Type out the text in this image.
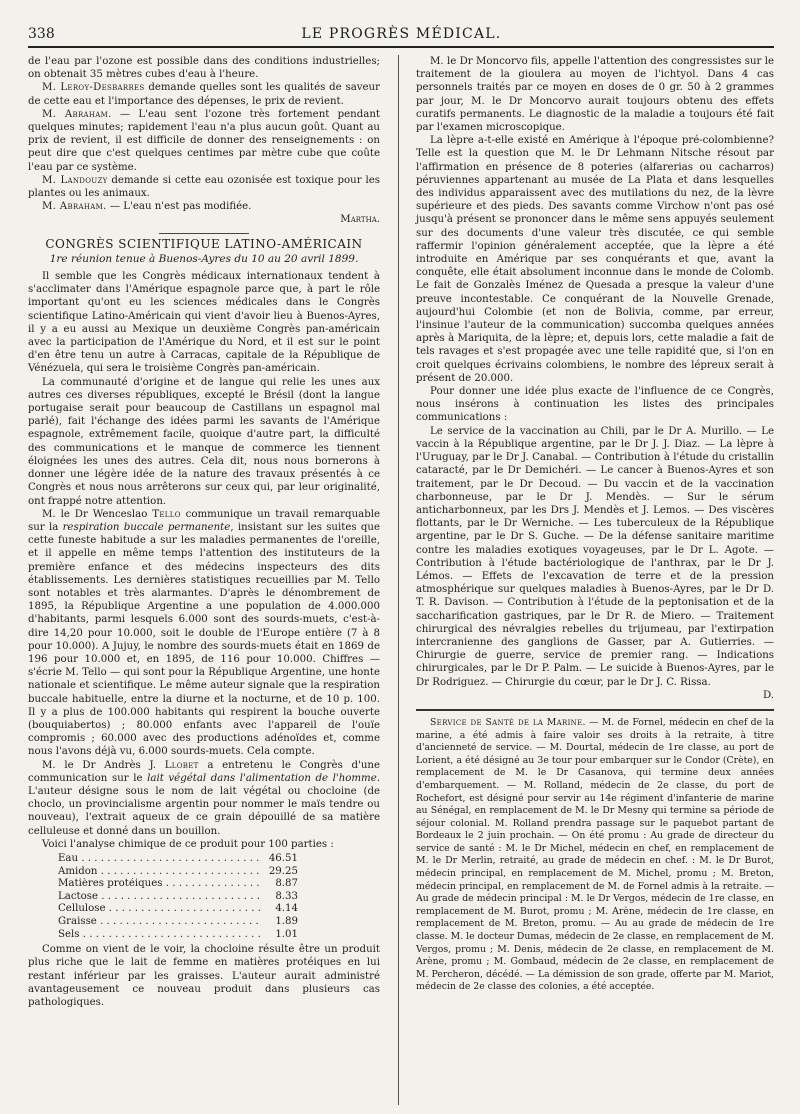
338	LE PROGRÈS MÉDICAL.

de l'eau par l'ozone est possible dans des conditions industrielles; on obtenait 35 mètres cubes d'eau à l'heure.

M. Leroy-Desbarres demande quelles sont les qualités de saveur de cette eau et l'importance des dépenses, le prix de revient.

M. Abraham. — L'eau sent l'ozone très fortement pendant quelques minutes; rapidement l'eau n'a plus aucun goût. Quant au prix de revient, il est difficile de donner des renseignements : on peut dire que c'est quelques centimes par mètre cube que coûte l'eau par ce système.

M. Landouzy demande si cette eau ozonisée est toxique pour les plantes ou les animaux.

M. Abraham. — L'eau n'est pas modifiée.

Martha.
CONGRÈS SCIENTIFIQUE LATINO-AMÉRICAIN
1re réunion tenue à Buenos-Ayres du 10 au 20 avril 1899.

Il semble que les Congrès médicaux internationaux tendent à s'acclimater dans l'Amérique espagnole parce que, à part le rôle important qu'ont eu les sciences médicales dans le Congrès scientifique Latino-Américain qui vient d'avoir lieu à Buenos-Ayres, il y a eu aussi au Mexique un deuxième Congrès pan-américain avec la participation de l'Amérique du Nord, et il est sur le point d'en être tenu un autre à Carracas, capitale de la République de Vénézuela, qui sera le troisième Congrès pan-américain.

La communauté d'origine et de langue qui relie les unes aux autres ces diverses républiques, excepté le Brésil (dont la langue portugaise serait pour beaucoup de Castillans un espagnol mal parlé), fait l'échange des idées parmi les savants de l'Amérique espagnole, extrêmement facile, quoique d'autre part, la difficulté des communications et le manque de commerce les tiennent éloignées les unes des autres. Cela dit, nous nous bornerons à donner une légère idée de la nature des travaux présentés à ce Congrès et nous nous arrêterons sur ceux qui, par leur originalité, ont frappé notre attention.

M. le Dr Wenceslao Tello communique un travail remarquable sur la respiration buccale permanente, insistant sur les suites que cette funeste habitude a sur les maladies permanentes de l'oreille, et il appelle en même temps l'attention des instituteurs de la première enfance et des médecins inspecteurs des dits établissements. Les dernières statistiques recueillies par M. Tello sont notables et très alarmantes. D'après le dénombrement de 1895, la République Argentine a une population de 4.000.000 d'habitants, parmi lesquels 6.000 sont des sourds-muets, c'est-à-dire 14,20 pour 10.000, soit le double de l'Europe entière (7 à 8 pour 10.000). A Jujuy, le nombre des sourds-muets était en 1869 de 196 pour 10.000 et, en 1895, de 116 pour 10.000. Chiffres — s'écrie M. Tello — qui sont pour la République Argentine, une honte nationale et scientifique. Le même auteur signale que la respiration buccale habituelle, entre la diurne et la nocturne, et de 10 p. 100. Il y a plus de 100.000 habitants qui respirent la bouche ouverte (bouquiabertos) ; 80.000 enfants avec l'appareil de l'ouïe compromis ; 60.000 avec des productions adénoïdes et, comme nous l'avons déjà vu, 6.000 sourds-muets. Cela compte.

M. le Dr Andrès J. Llobet a entretenu le Congrès d'une communication sur le lait végétal dans l'alimentation de l'homme. L'auteur désigne sous le nom de lait végétal ou chocloine (de choclo, un provincialisme argentin pour nommer le maïs tendre ou nouveau), l'extrait aqueux de ce grain dépouillé de sa matière celluleuse et donné dans un bouillon.

Voici l'analyse chimique de ce produit pour 100 parties :

Eau . . .	46.51
Amidon . . .	29.25
Matières protéiques . . .	8.87
Lactose . . .	8.33
Cellulose . . .	4.14
Graisse . . .	1.89
Sels . . .	1.01

Comme on vient de le voir, la chocloine résulte être un produit plus riche que le lait de femme en matières protéiques en lui restant inférieur par les graisses. L'auteur aurait administré avantageusement ce nouveau produit dans plusieurs cas pathologiques.

M. le Dr Moncorvo fils, appelle l'attention des congressistes sur le traitement de la gioulera au moyen de l'ichtyol. Dans 4 cas personnels traités par ce moyen en doses de 0 gr. 50 à 2 grammes par jour, M. le Dr Moncorvo aurait toujours obtenu des effets curatifs permanents. Le diagnostic de la maladie a toujours été fait par l'examen microscopique.

La lèpre a-t-elle existé en Amérique à l'époque pré-colombienne? Telle est la question que M. le Dr Lehmann Nitsche résout par l'affirmation en présence de 8 poteries (alfarerias ou cacharros) péruviennes appartenant au musée de La Plata et dans lesquelles des individus apparaissent avec des mutilations du nez, de la lèvre supérieure et des pieds. Des savants comme Virchow n'ont pas osé jusqu'à présent se prononcer dans le même sens appuyés seulement sur des documents d'une valeur très discutée, ce qui semble raffermir l'opinion généralement acceptée, que la lèpre a été introduite en Amérique par ses conquérants et que, avant la conquête, elle était absolument inconnue dans le monde de Colomb. Le fait de Gonzalès Iménez de Quesada a presque la valeur d'une preuve incontestable. Ce conquérant de la Nouvelle Grenade, aujourd'hui Colombie (et non de Bolivia, comme, par erreur, l'insinue l'auteur de la communication) succomba quelques années après à Mariquita, de la lèpre; et, depuis lors, cette maladie a fait de tels ravages et s'est propagée avec une telle rapidité que, si l'on en croit quelques écrivains colombiens, le nombre des lépreux serait à présent de 20.000.

Pour donner une idée plus exacte de l'influence de ce Congrès, nous insérons à continuation les listes des principales communications :

Le service de la vaccination au Chili, par le Dr A. Murillo. — Le vaccin à la République argentine, par le Dr J. J. Diaz. — La lèpre à l'Uruguay, par le Dr J. Canabal. — Contribution à l'étude du cristallin cataracté, par le Dr Demichéri. — Le cancer à Buenos-Ayres et son traitement, par le Dr Decoud. — Du vaccin et de la vaccination charbonneuse, par le Dr J. Mendès. — Sur le sérum anticharbonneux, par les Drs J. Mendès et J. Lemos. — Des viscères flottants, par le Dr Werniche. — Les tuberculeux de la République argentine, par le Dr S. Guche. — De la défense sanitaire maritime contre les maladies exotiques voyageuses, par le Dr L. Agote. — Contribution à l'étude bactériologique de l'anthrax, par le Dr J. Lémos. — Effets de l'excavation de terre et de la pression atmosphérique sur quelques maladies à Buenos-Ayres, par le Dr D. T. R. Davison. — Contribution à l'étude de la peptonisation et de la saccharification gastriques, par le Dr R. de Miero. — Traitement chirurgical des névralgies rebelles du trijumeau, par l'extirpation intercranienne des ganglions de Gasser, par A. Gutierries. — Chirurgie de guerre, service de premier rang. — Indications chirurgicales, par le Dr P. Palm. — Le suicide à Buenos-Ayres, par le Dr Rodriguez. — Chirurgie du cœur, par le Dr J. C. Rissa.

D.

Service de Santé de la Marine. — M. de Fornel, médecin en chef de la marine, a été admis à faire valoir ses droits à la retraite, à titre d'ancienneté de service. — M. Dourtal, médecin de 1re classe, au port de Lorient, a été désigné au 3e tour pour embarquer sur le Condor (Crète), en remplacement de M. le Dr Casanova, qui termine deux années d'embarquement. — M. Rolland, médecin de 2e classe, du port de Rochefort, est désigné pour servir au 14e régiment d'infanterie de marine au Sénégal, en remplacement de M. le Dr Mesny qui termine sa période de séjour colonial. M. Rolland prendra passage sur le paquebot partant de Bordeaux le 2 juin prochain. — On été promu : Au grade de directeur du service de santé : M. le Dr Michel, médecin en chef, en remplacement de M. le Dr Merlin, retraité, au grade de médecin en chef. : M. le Dr Burot, médecin principal, en remplacement de M. Michel, promu ; M. Breton, médecin principal, en remplacement de M. de Fornel admis à la retraite. — Au grade de médecin principal : M. le Dr Vergos, médecin de 1re classe, en remplacement de M. Burot, promu ; M. Arène, médecin de 1re classe, en remplacement de M. Breton, promu. — Au au grade de médecin de 1re classe. M. le docteur Dumas, médecin de 2e classe, en remplacement de M. Vergos, promu ; M. Denis, médecin de 2e classe, en remplacement de M. Arène, promu ; M. Gombaud, médecin de 2e classe, en remplacement de M. Percheron, décédé. — La démission de son grade, offerte par M. Mariot, médecin de 2e classe des colonies, a été acceptée.
